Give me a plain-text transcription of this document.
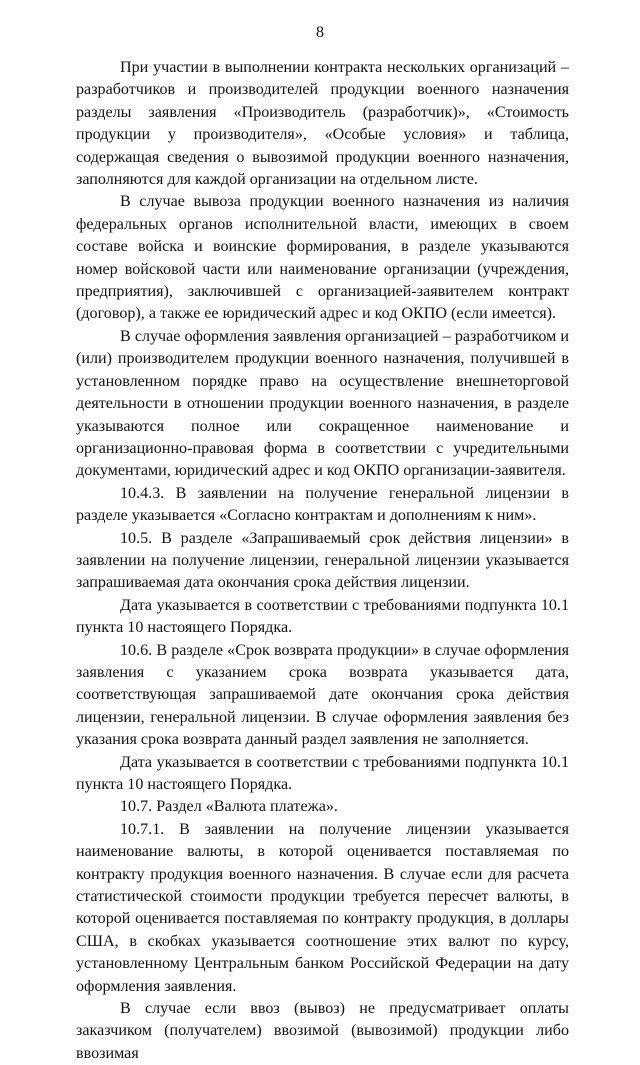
8

При участии в выполнении контракта нескольких организаций – разработчиков и производителей продукции военного назначения разделы заявления «Производитель (разработчик)», «Стоимость продукции у производителя», «Особые условия» и таблица, содержащая сведения о вывозимой продукции военного назначения, заполняются для каждой организации на отдельном листе.

В случае вывоза продукции военного назначения из наличия федеральных органов исполнительной власти, имеющих в своем составе войска и воинские формирования, в разделе указываются номер войсковой части или наименование организации (учреждения, предприятия), заключившей с организацией-заявителем контракт (договор), а также ее юридический адрес и код ОКПО (если имеется).

В случае оформления заявления организацией – разработчиком и (или) производителем продукции военного назначения, получившей в установленном порядке право на осуществление внешнеторговой деятельности в отношении продукции военного назначения, в разделе указываются полное или сокращенное наименование и организационно-правовая форма в соответствии с учредительными документами, юридический адрес и код ОКПО организации-заявителя.

10.4.3. В заявлении на получение генеральной лицензии в разделе указывается «Согласно контрактам и дополнениям к ним».

10.5. В разделе «Запрашиваемый срок действия лицензии» в заявлении на получение лицензии, генеральной лицензии указывается запрашиваемая дата окончания срока действия лицензии.

Дата указывается в соответствии с требованиями подпункта 10.1 пункта 10 настоящего Порядка.

10.6. В разделе «Срок возврата продукции» в случае оформления заявления с указанием срока возврата указывается дата, соответствующая запрашиваемой дате окончания срока действия лицензии, генеральной лицензии. В случае оформления заявления без указания срока возврата данный раздел заявления не заполняется.

Дата указывается в соответствии с требованиями подпункта 10.1 пункта 10 настоящего Порядка.

10.7. Раздел «Валюта платежа».

10.7.1. В заявлении на получение лицензии указывается наименование валюты, в которой оценивается поставляемая по контракту продукция военного назначения. В случае если для расчета статистической стоимости продукции требуется пересчет валюты, в которой оценивается поставляемая по контракту продукция, в доллары США, в скобках указывается соотношение этих валют по курсу, установленному Центральным банком Российской Федерации на дату оформления заявления.

В случае если ввоз (вывоз) не предусматривает оплаты заказчиком (получателем) ввозимой (вывозимой) продукции либо ввозимая
